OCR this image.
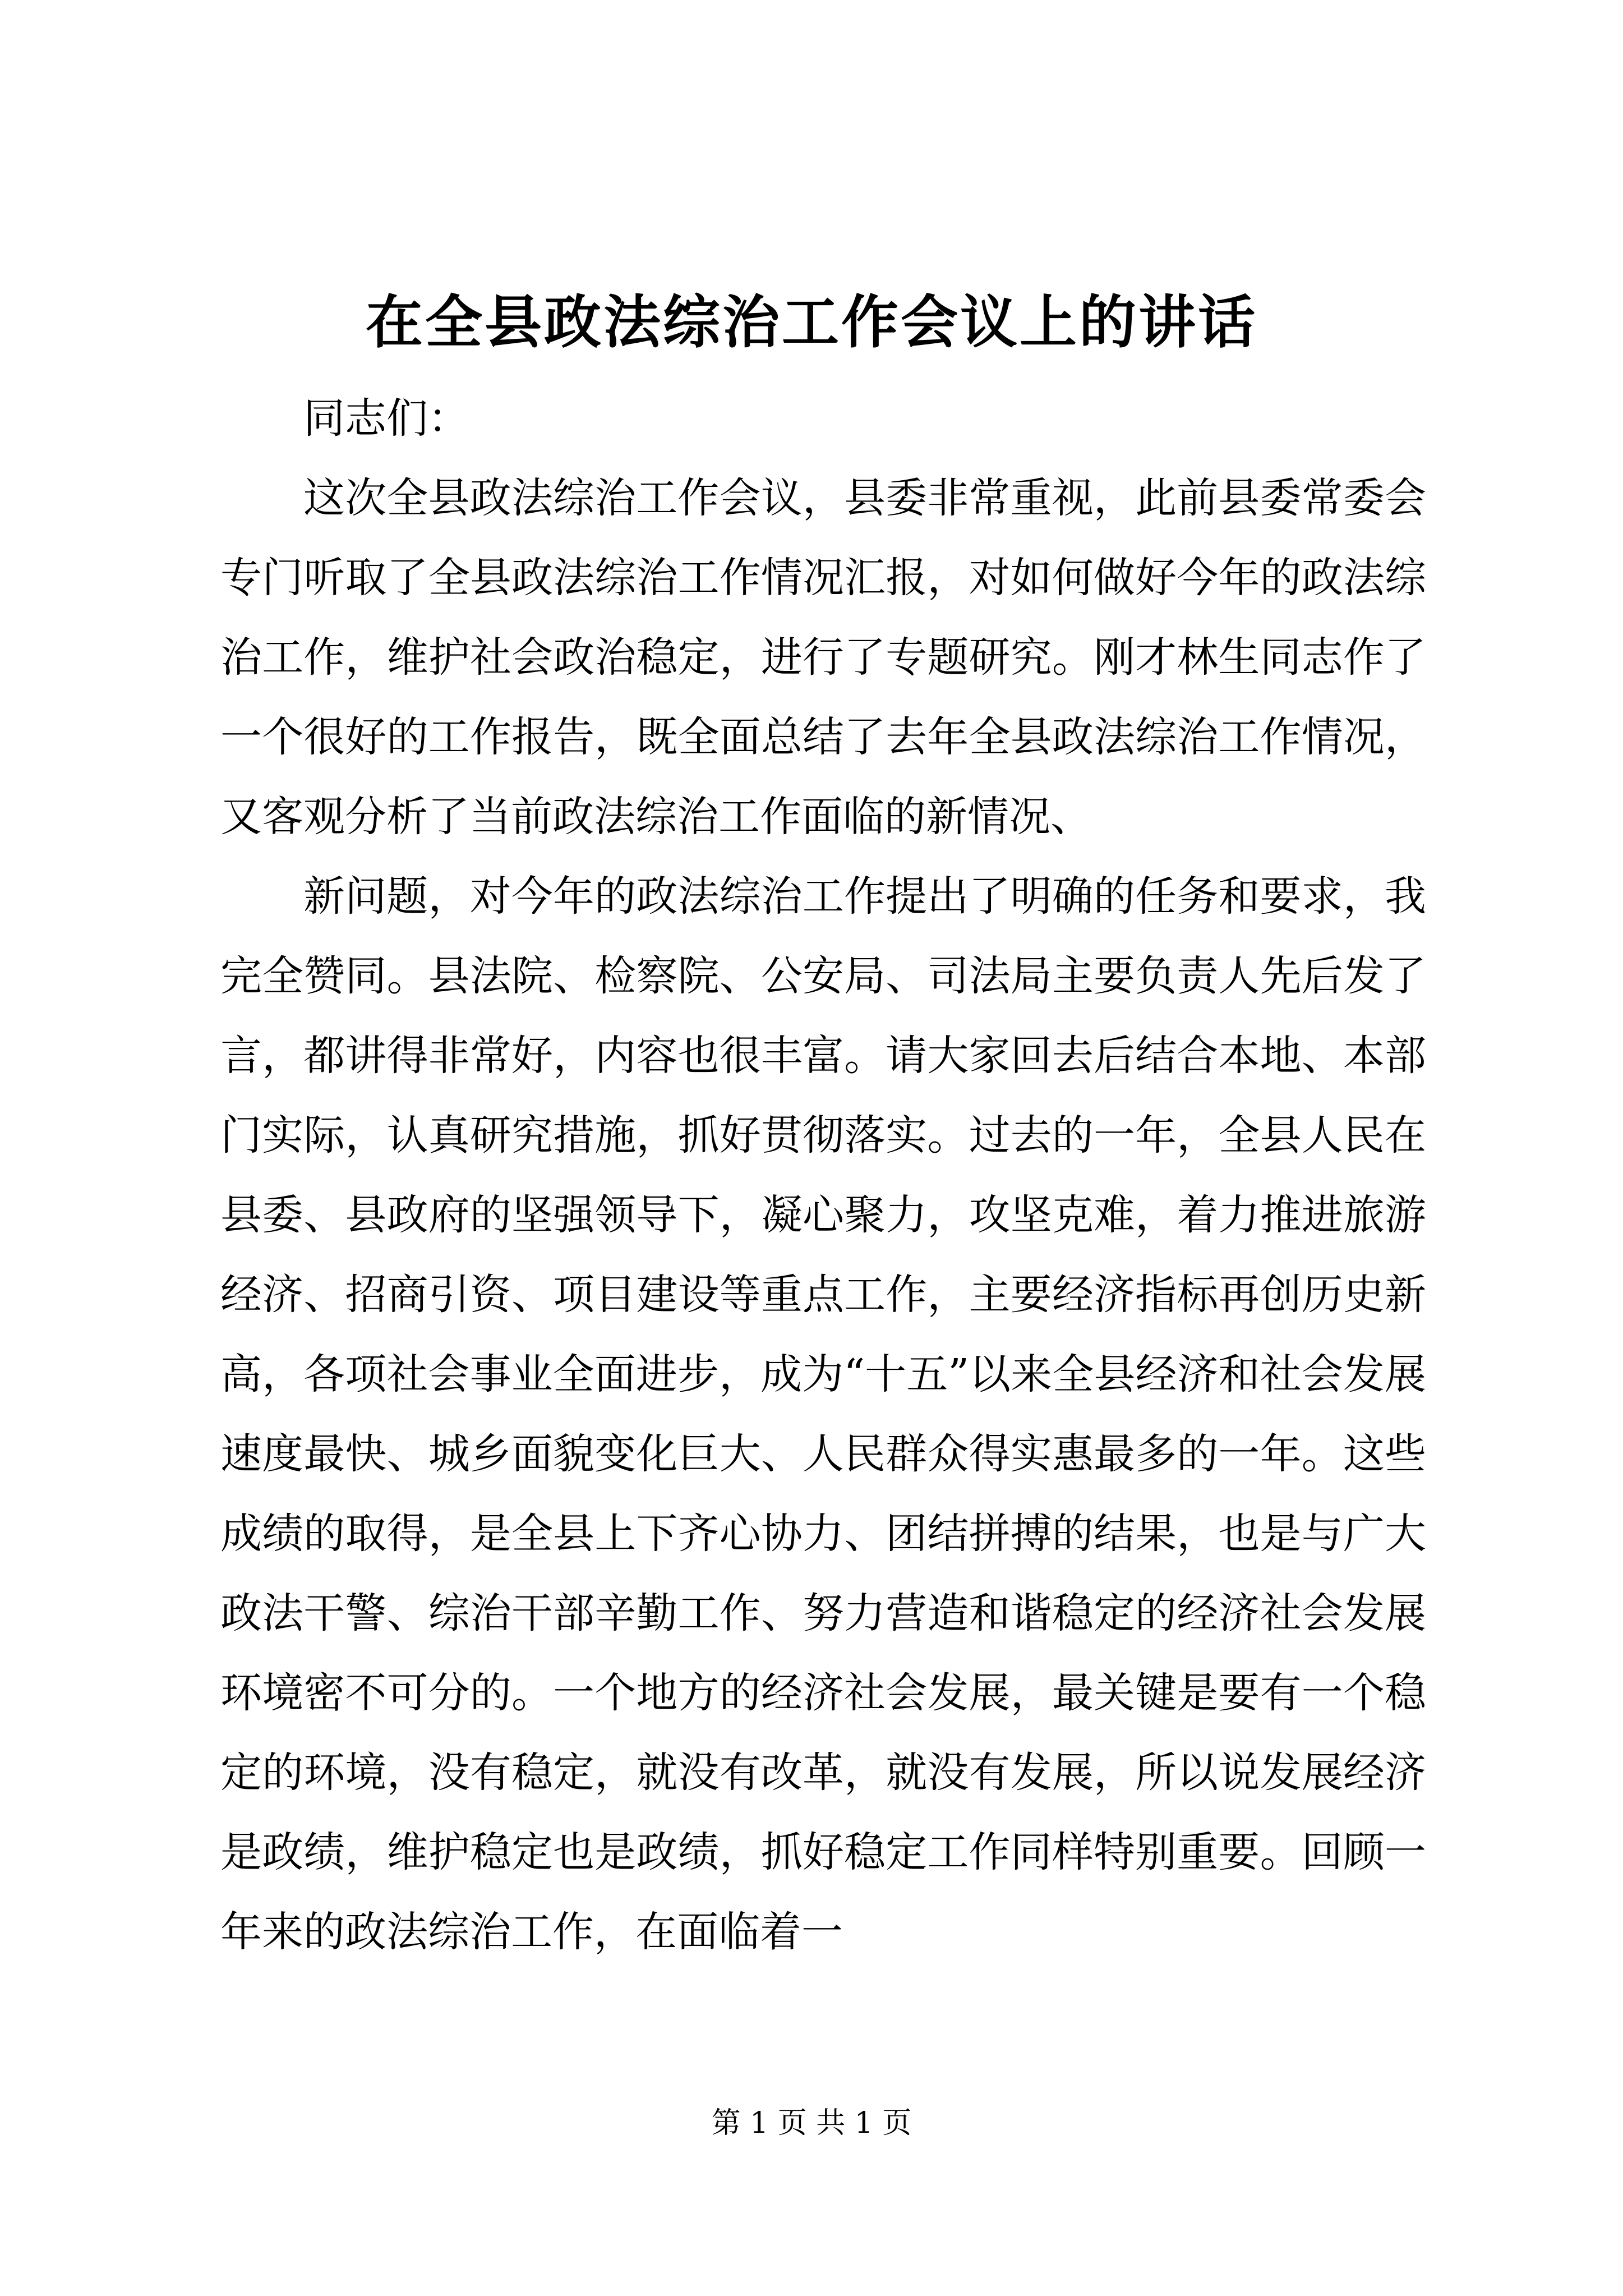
在全县政法综治工作会议上的讲话

同志们：

这次全县政法综治工作会议，县委非常重视，此前县委常委会专门听取了全县政法综治工作情况汇报，对如何做好今年的政法综治工作，维护社会政治稳定，进行了专题研究。刚才林生同志作了一个很好的工作报告，既全面总结了去年全县政法综治工作情况，又客观分析了当前政法综治工作面临的新情况、

新问题，对今年的政法综治工作提出了明确的任务和要求，我完全赞同。县法院、检察院、公安局、司法局主要负责人先后发了言，都讲得非常好，内容也很丰富。请大家回去后结合本地、本部门实际，认真研究措施，抓好贯彻落实。过去的一年，全县人民在县委、县政府的坚强领导下，凝心聚力，攻坚克难，着力推进旅游经济、招商引资、项目建设等重点工作，主要经济指标再创历史新高，各项社会事业全面进步，成为“十五”以来全县经济和社会发展速度最快、城乡面貌变化巨大、人民群众得实惠最多的一年。这些成绩的取得，是全县上下齐心协力、团结拼搏的结果，也是与广大政法干警、综治干部辛勤工作、努力营造和谐稳定的经济社会发展环境密不可分的。一个地方的经济社会发展，最关键是要有一个稳定的环境，没有稳定，就没有改革，就没有发展，所以说发展经济是政绩，维护稳定也是政绩，抓好稳定工作同样特别重要。回顾一年来的政法综治工作，在面临着一

第 1 页 共 1 页
